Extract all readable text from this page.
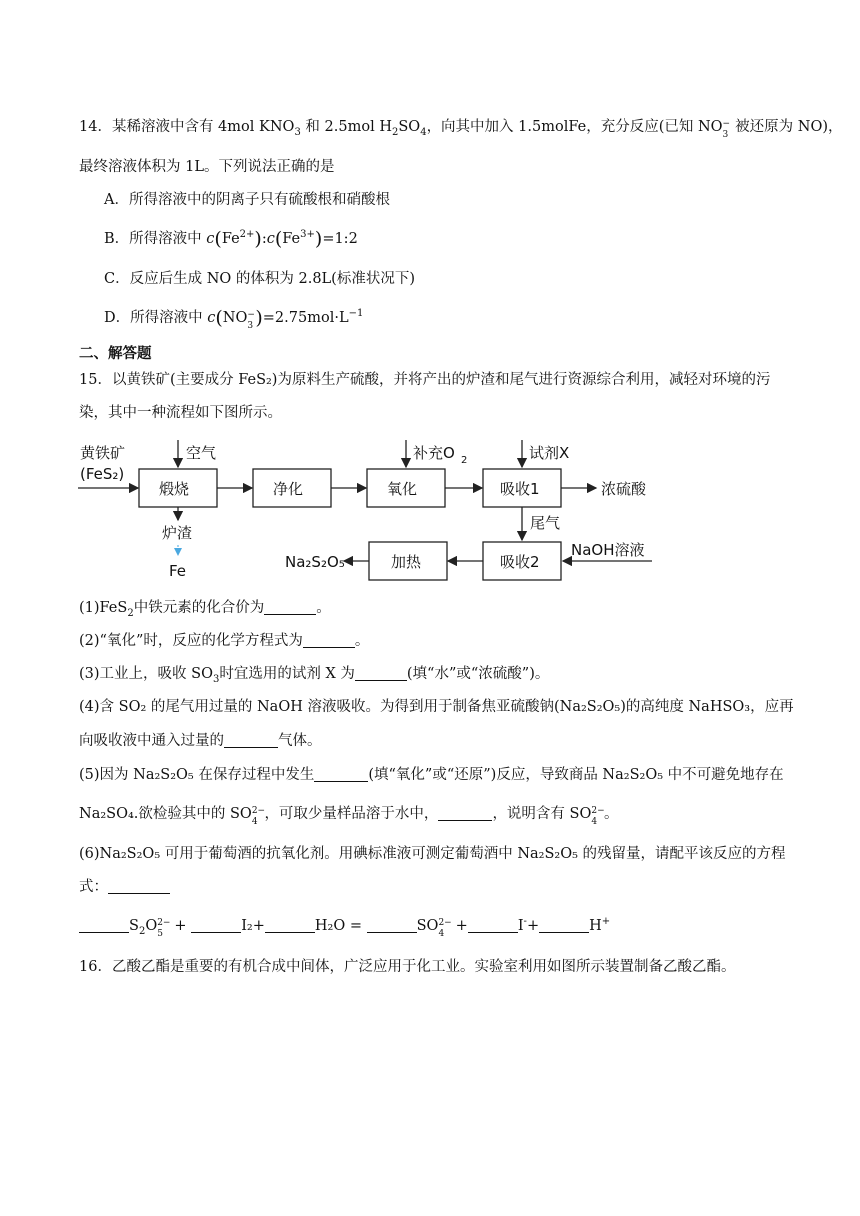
14．某稀溶液中含有 4mol $KNO_3$ 和 2.5mol $H_2SO_4$，向其中加入 1.5molFe，充分反应(已知 NO −
3 被还原为 NO)，
最终溶液体积为 1L。下列说法正确的是
A．所得溶液中的阴离子只有硫酸根和硝酸根
B．所得溶液中 $c(Fe^{2+}):c(Fe^{3+})=1:2$
C．反应后生成 NO 的体积为 2.8L(标准状况下)
D．所得溶液中 c(NO −
3 )$=2.75mol\cdot L^{-1}$
二、解答题
15．以黄铁矿(主要成分 FeS₂)为原料生产硫酸，并将产出的炉渣和尾气进行资源综合利用，减轻对环境的污
染，其中一种流程如下图所示。
黄铁矿
(FeS₂)
空气
煅烧	净化
补充O 2
氧化
试剂X
吸收1	浓硫酸
炉渣
Fe
尾气
NaOH溶液
吸收2
加热
Na₂S₂O₅
(1)FeS$_2$中铁元素的化合价为	。
(2)“氧化”时，反应的化学方程式为	。
(3)工业上，吸收 $SO_3$时宜选用的试剂 X 为	(填“水”或“浓硫酸”)。
(4)含 SO₂ 的尾气用过量的 NaOH 溶液吸收。为得到用于制备焦亚硫酸钠(Na₂S₂O₅)的高纯度 NaHSO₃，应再
向吸收液中通入过量的	气体。
(5)因为 Na₂S₂O₅ 在保存过程中发生	(填“氧化”或“还原”)反应，导致商品 Na₂S₂O₅ 中不可避免地存在
Na₂SO₄.欲检验其中的 SO 2−
4 ，可取少量样品溶于水中，	，说明含有 SO 2−
4 。
(6)Na₂S₂O₅ 可用于葡萄酒的抗氧化剂。用碘标准液可测定葡萄酒中 Na₂S₂O₅ 的残留量，请配平该反应的方程
式：
$S_2O$ 2−
5 +	I₂+	H₂O =	SO 2−
4 +	I-+	H+
16．乙酸乙酯是重要的有机合成中间体，广泛应用于化工业。实验室利用如图所示装置制备乙酸乙酯。
